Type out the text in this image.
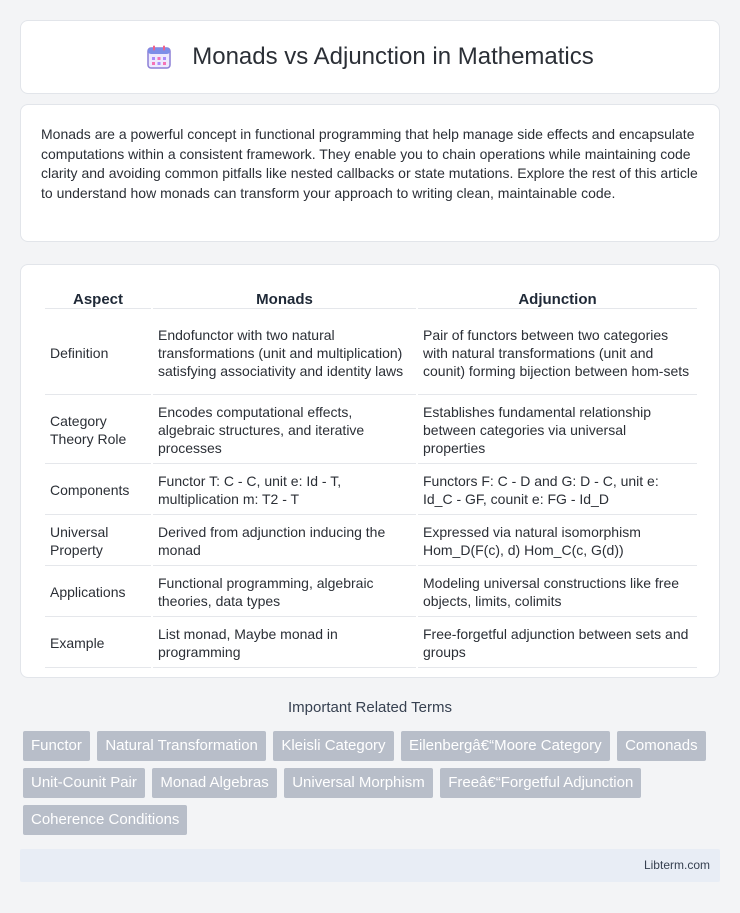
Monads vs Adjunction in Mathematics

Monads are a powerful concept in functional programming that help manage side effects and encapsulate computations within a consistent framework. They enable you to chain operations while maintaining code clarity and avoiding common pitfalls like nested callbacks or state mutations. Explore the rest of this article to understand how monads can transform your approach to writing clean, maintainable code.

Aspect	Monads	Adjunction
Definition	Endofunctor with two natural transformations (unit and multiplication) satisfying associativity and identity laws	Pair of functors between two categories with natural transformations (unit and counit) forming bijection between hom-sets
Category Theory Role	Encodes computational effects, algebraic structures, and iterative processes	Establishes fundamental relationship between categories via universal properties
Components	Functor T: C - C, unit e: Id - T, multiplication m: T2 - T	Functors F: C - D and G: D - C, unit e: Id_C - GF, counit e: FG - Id_D
Universal Property	Derived from adjunction inducing the monad	Expressed via natural isomorphism Hom_D(F(c), d) Hom_C(c, G(d))
Applications	Functional programming, algebraic theories, data types	Modeling universal constructions like free objects, limits, colimits
Example	List monad, Maybe monad in programming	Free-forgetful adjunction between sets and groups
Important Related Terms
Functor Natural Transformation Kleisli Category Eilenbergâ€“Moore Category Comonads Unit-Counit Pair Monad Algebras Universal Morphism Freeâ€“Forgetful Adjunction Coherence Conditions
Libterm.com
